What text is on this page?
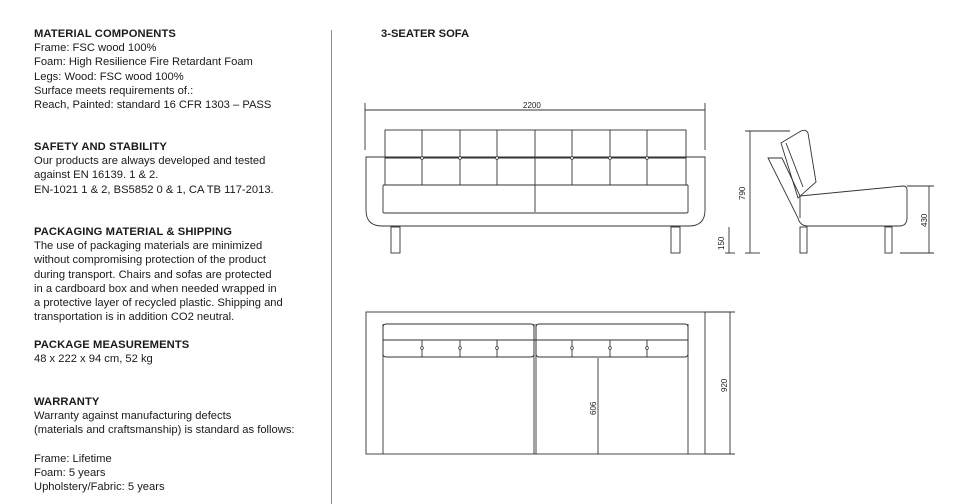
MATERIAL COMPONENTS

Frame: FSC wood 100%

Foam: High Resilience Fire Retardant Foam

Legs: Wood: FSC wood 100%

Surface meets requirements of.:

Reach, Painted: standard 16 CFR 1303 – PASS

SAFETY AND STABILITY

Our products are always developed and tested

against EN 16139. 1 & 2.

EN-1021 1 & 2, BS5852 0 & 1, CA TB 117-2013.

PACKAGING MATERIAL & SHIPPING

The use of packaging materials are minimized

without compromising protection of the product

during transport. Chairs and sofas are protected

in a cardboard box and when needed wrapped in

a protective layer of recycled plastic. Shipping and

transportation is in addition CO2 neutral.

PACKAGE MEASUREMENTS

48 x 222 x 94 cm, 52 kg

WARRANTY

Warranty against manufacturing defects

(materials and craftsmanship) is standard as follows:

Frame: Lifetime

Foam: 5 years

Upholstery/Fabric: 5 years

3-SEATER SOFA
2200
150
790
430
606
920
